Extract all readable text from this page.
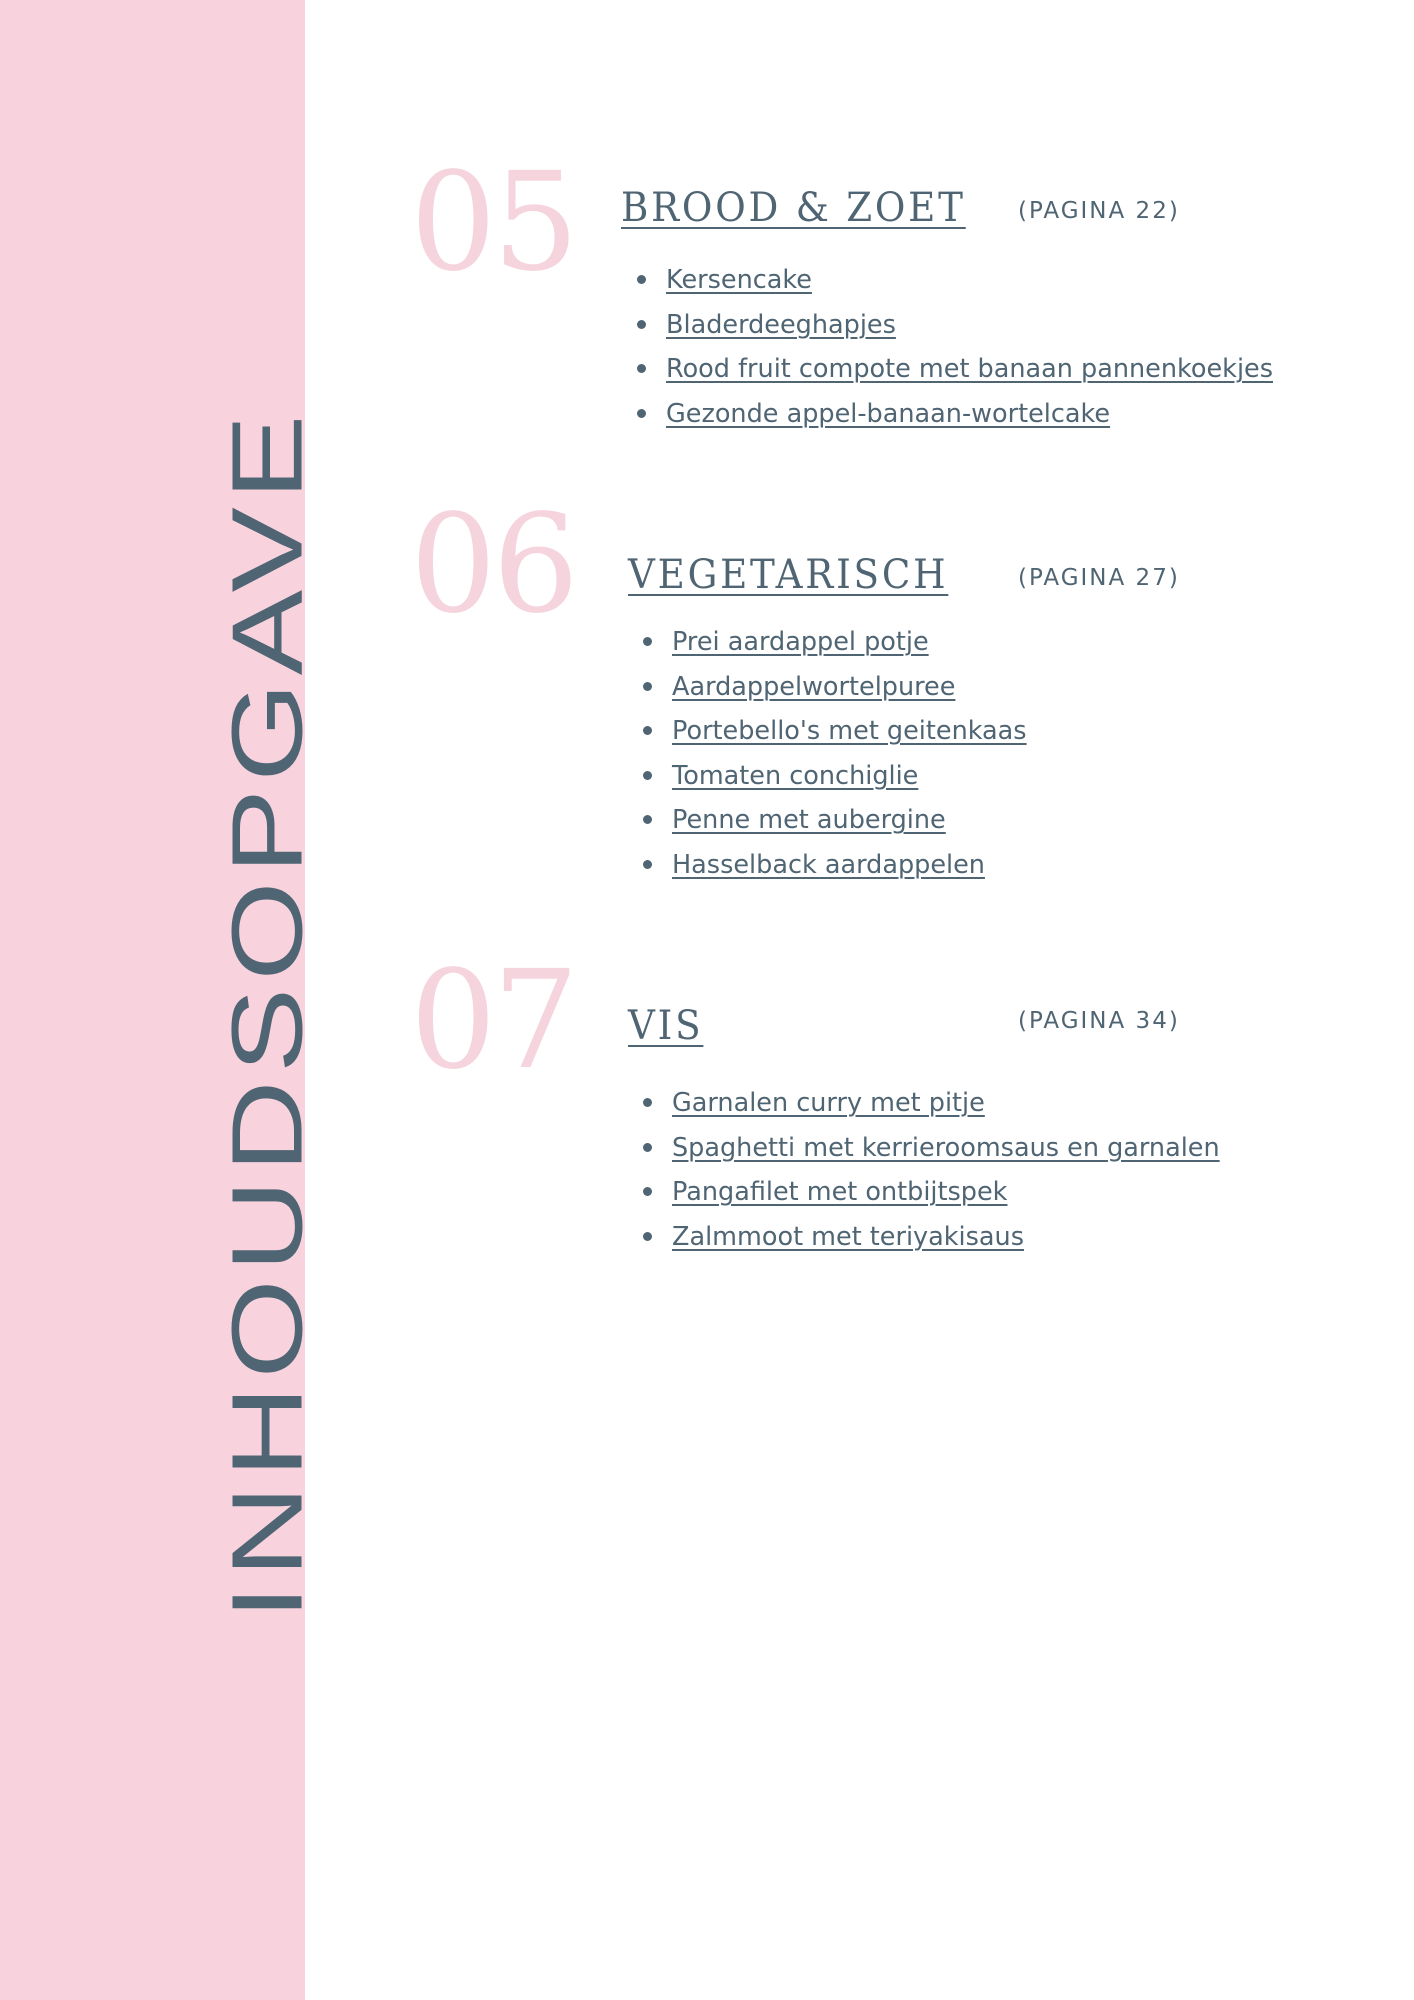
INHOUDSOPGAVE
05 BROOD & ZOET (PAGINA 22)
Kersencake
Bladerdeeghapjes
Rood fruit compote met banaan pannenkoekjes
Gezonde appel-banaan-wortelcake
06 VEGETARISCH	(PAGINA 27)
Prei aardappel potje
Aardappelwortelpuree
Portebello's met geitenkaas
Tomaten conchiglie
Penne met aubergine
Hasselback aardappelen
07 VIS	(PAGINA 34)
Garnalen curry met pitje
Spaghetti met kerrieroomsaus en garnalen
Pangafilet met ontbijtspek
Zalmmoot met teriyakisaus
